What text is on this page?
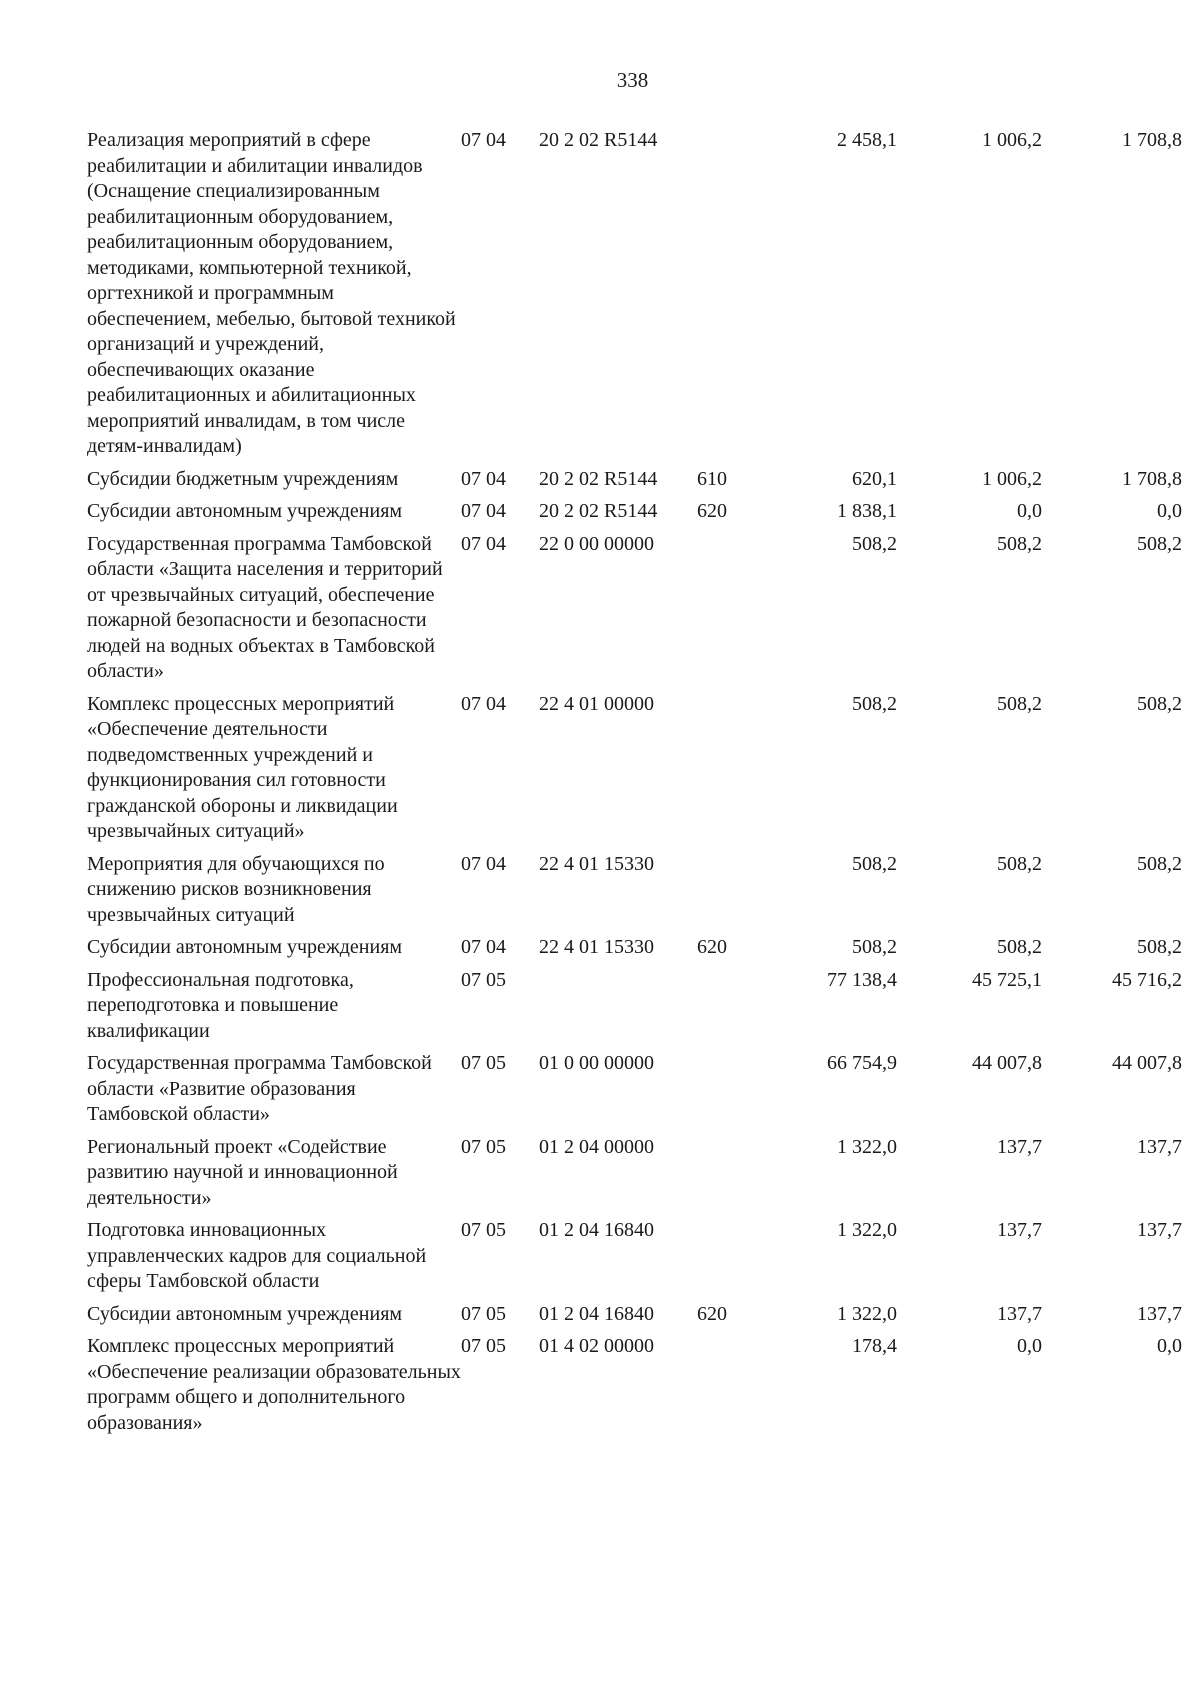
338
Реализация мероприятий в сфере реабилитации и абилитации инвалидов (Оснащение специализированным реабилитационным оборудованием, реабилитационным оборудованием, методиками, компьютерной техникой, оргтехникой и программным обеспечением, мебелью, бытовой техникой организаций и учреждений, обеспечивающих оказание реабилитационных и абилитационных мероприятий инвалидам, в том числе детям-инвалидам)	07 04	20 2 02 R5144		2 458,1	1 006,2	1 708,8
Субсидии бюджетным учреждениям	07 04	20 2 02 R5144	610	620,1	1 006,2	1 708,8
Субсидии автономным учреждениям	07 04	20 2 02 R5144	620	1 838,1	0,0	0,0
Государственная программа Тамбовской области «Защита населения и территорий от чрезвычайных ситуаций, обеспечение пожарной безопасности и безопасности людей на водных объектах в Тамбовской области»	07 04	22 0 00 00000		508,2	508,2	508,2
Комплекс процессных мероприятий «Обеспечение деятельности подведомственных учреждений и функционирования сил готовности гражданской обороны и ликвидации чрезвычайных ситуаций»	07 04	22 4 01 00000		508,2	508,2	508,2
Мероприятия для обучающихся по снижению рисков возникновения чрезвычайных ситуаций	07 04	22 4 01 15330		508,2	508,2	508,2
Субсидии автономным учреждениям	07 04	22 4 01 15330	620	508,2	508,2	508,2
Профессиональная подготовка, переподготовка и повышение квалификации	07 05			77 138,4	45 725,1	45 716,2
Государственная программа Тамбовской области «Развитие образования Тамбовской области»	07 05	01 0 00 00000		66 754,9	44 007,8	44 007,8
Региональный проект «Содействие развитию научной и инновационной деятельности»	07 05	01 2 04 00000		1 322,0	137,7	137,7
Подготовка инновационных управленческих кадров для социальной сферы Тамбовской области	07 05	01 2 04 16840		1 322,0	137,7	137,7
Субсидии автономным учреждениям	07 05	01 2 04 16840	620	1 322,0	137,7	137,7
Комплекс процессных мероприятий «Обеспечение реализации образовательных программ общего и дополнительного образования»	07 05	01 4 02 00000		178,4	0,0	0,0
